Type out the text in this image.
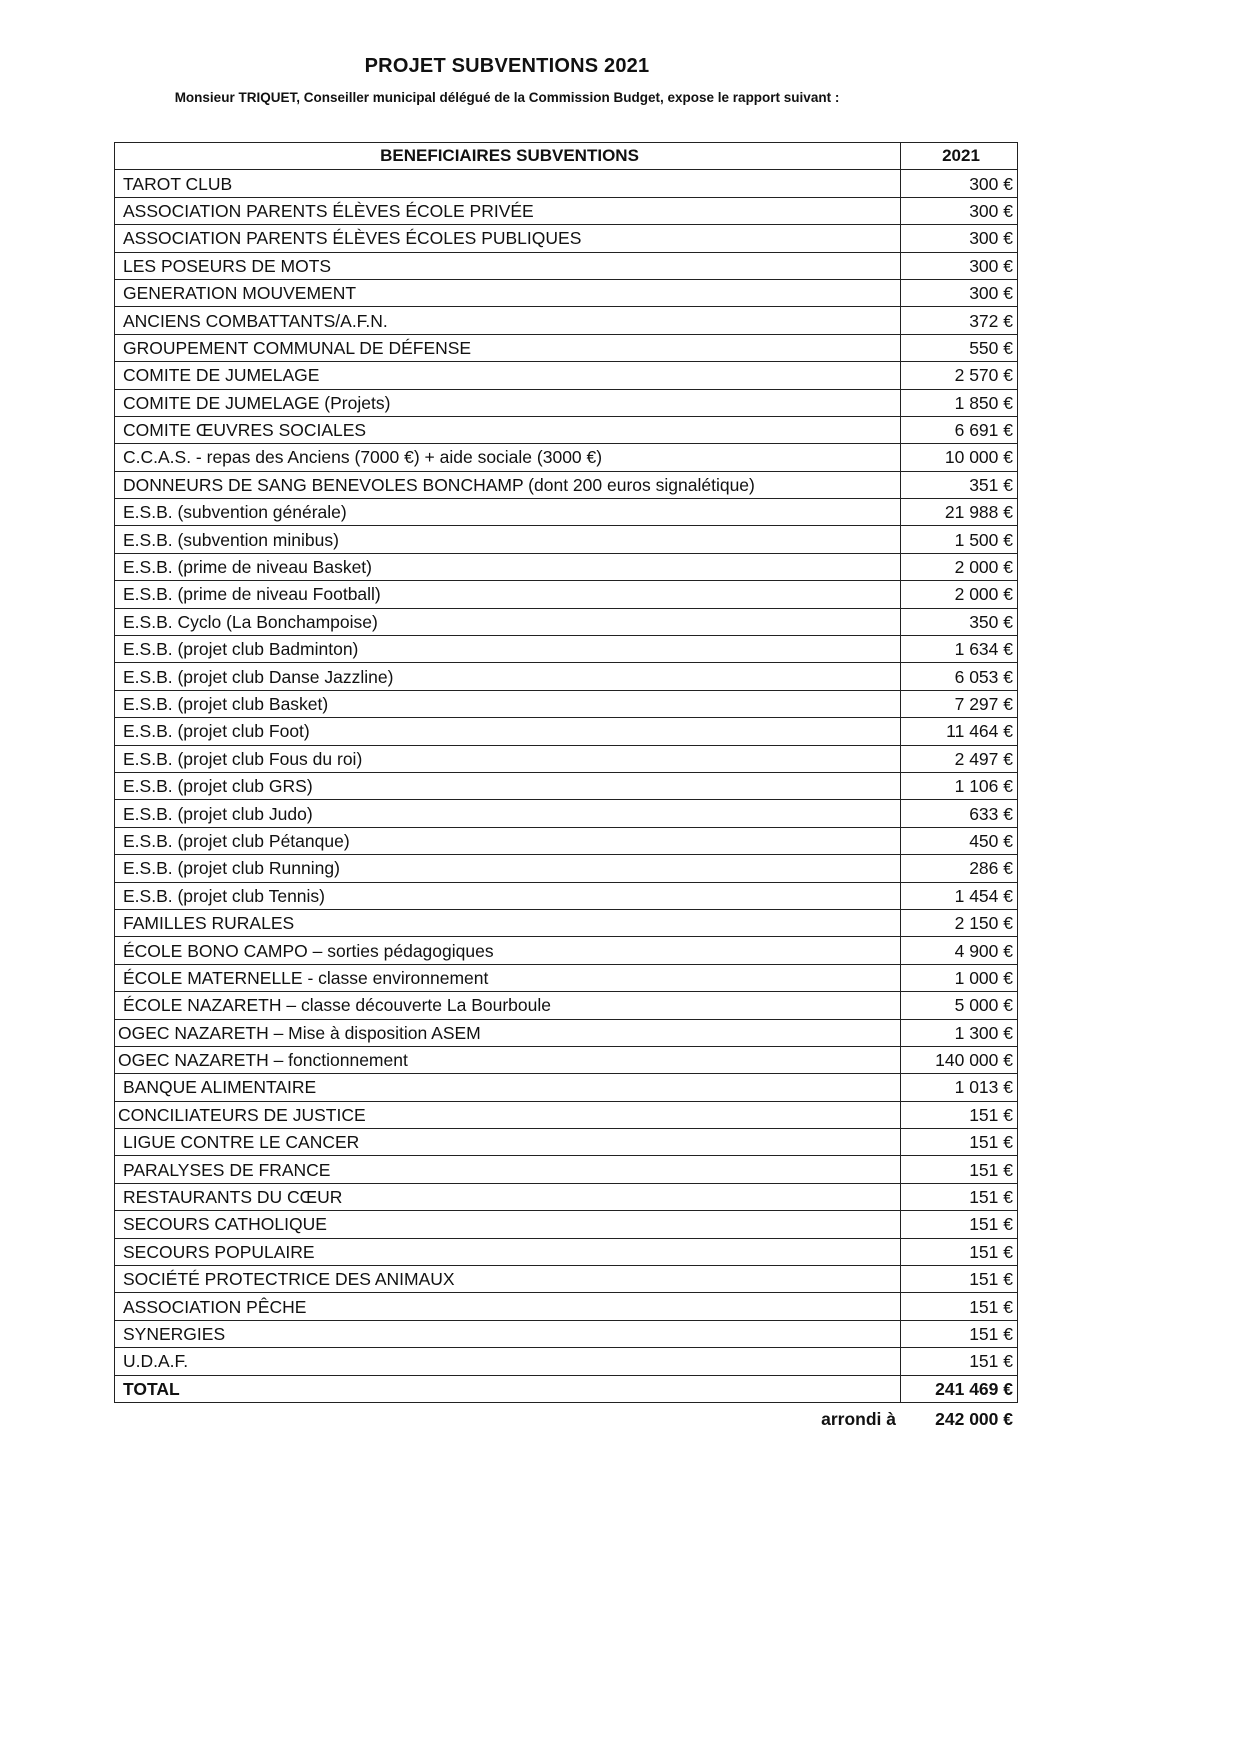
PROJET SUBVENTIONS 2021
Monsieur TRIQUET, Conseiller municipal délégué de la Commission Budget, expose le rapport suivant :
BENEFICIAIRES SUBVENTIONS	2021
TAROT CLUB	300 €
ASSOCIATION PARENTS ÉLÈVES ÉCOLE PRIVÉE	300 €
ASSOCIATION PARENTS ÉLÈVES ÉCOLES PUBLIQUES	300 €
LES POSEURS DE MOTS	300 €
GENERATION MOUVEMENT	300 €
ANCIENS COMBATTANTS/A.F.N.	372 €
GROUPEMENT COMMUNAL DE DÉFENSE	550 €
COMITE DE JUMELAGE	2 570 €
COMITE DE JUMELAGE (Projets)	1 850 €
COMITE ŒUVRES SOCIALES	6 691 €
C.C.A.S. - repas des Anciens (7000 €) + aide sociale (3000 €)	10 000 €
DONNEURS DE SANG BENEVOLES BONCHAMP (dont 200 euros signalétique)	351 €
E.S.B. (subvention générale)	21 988 €
E.S.B. (subvention minibus)	1 500 €
E.S.B. (prime de niveau Basket)	2 000 €
E.S.B. (prime de niveau Football)	2 000 €
E.S.B. Cyclo (La Bonchampoise)	350 €
E.S.B. (projet club Badminton)	1 634 €
E.S.B. (projet club Danse Jazzline)	6 053 €
E.S.B. (projet club Basket)	7 297 €
E.S.B. (projet club Foot)	11 464 €
E.S.B. (projet club Fous du roi)	2 497 €
E.S.B. (projet club GRS)	1 106 €
E.S.B. (projet club Judo)	633 €
E.S.B. (projet club Pétanque)	450 €
E.S.B. (projet club Running)	286 €
E.S.B. (projet club Tennis)	1 454 €
FAMILLES RURALES	2 150 €
ÉCOLE BONO CAMPO – sorties pédagogiques	4 900 €
ÉCOLE MATERNELLE - classe environnement	1 000 €
ÉCOLE NAZARETH – classe découverte La Bourboule	5 000 €
OGEC NAZARETH – Mise à disposition ASEM	1 300 €
OGEC NAZARETH – fonctionnement	140 000 €
BANQUE ALIMENTAIRE	1 013 €
CONCILIATEURS DE JUSTICE	151 €
LIGUE CONTRE LE CANCER	151 €
PARALYSES DE FRANCE	151 €
RESTAURANTS DU CŒUR	151 €
SECOURS CATHOLIQUE	151 €
SECOURS POPULAIRE	151 €
SOCIÉTÉ PROTECTRICE DES ANIMAUX	151 €
ASSOCIATION PÊCHE	151 €
SYNERGIES	151 €
U.D.A.F.	151 €
TOTAL	241 469 €
arrondi à 242 000 €
